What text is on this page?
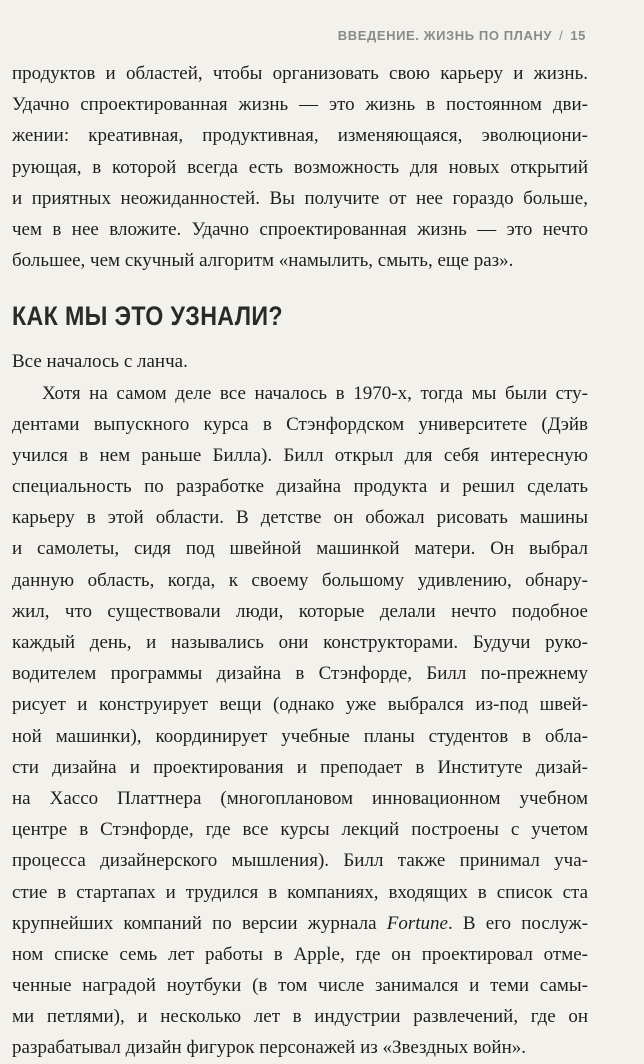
ВВЕДЕНИЕ. ЖИЗНЬ ПО ПЛАНУ / 15
продуктов и областей, чтобы организовать свою карьеру и жизнь.
Удачно спроектированная жизнь — это жизнь в постоянном дви-
жении: креативная, продуктивная, изменяющаяся, эволюциони-
рующая, в которой всегда есть возможность для новых открытий
и приятных неожиданностей. Вы получите от нее гораздо больше,
чем в нее вложите. Удачно спроектированная жизнь — это нечто
большее, чем скучный алгоритм «намылить, смыть, еще раз».
КАК МЫ ЭТО УЗНАЛИ?
Все началось с ланча.
Хотя на самом деле все началось в 1970-х, тогда мы были сту-
дентами выпускного курса в Стэнфордском университете (Дэйв
учился в нем раньше Билла). Билл открыл для себя интересную
специальность по разработке дизайна продукта и решил сделать
карьеру в этой области. В детстве он обожал рисовать машины
и самолеты, сидя под швейной машинкой матери. Он выбрал
данную область, когда, к своему большому удивлению, обнару-
жил, что существовали люди, которые делали нечто подобное
каждый день, и назывались они конструкторами. Будучи руко-
водителем программы дизайна в Стэнфорде, Билл по-прежнему
рисует и конструирует вещи (однако уже выбрался из-под швей-
ной машинки), координирует учебные планы студентов в обла-
сти дизайна и проектирования и преподает в Институте дизай-
на Хассо Платтнера (многоплановом инновационном учебном
центре в Стэнфорде, где все курсы лекций построены с учетом
процесса дизайнерского мышления). Билл также принимал уча-
стие в стартапах и трудился в компаниях, входящих в список ста
крупнейших компаний по версии журнала Fortune. В его послуж-
ном списке семь лет работы в Apple, где он проектировал отме-
ченные наградой ноутбуки (в том числе занимался и теми самы-
ми петлями), и несколько лет в индустрии развлечений, где он
разрабатывал дизайн фигурок персонажей из «Звездных войн».
